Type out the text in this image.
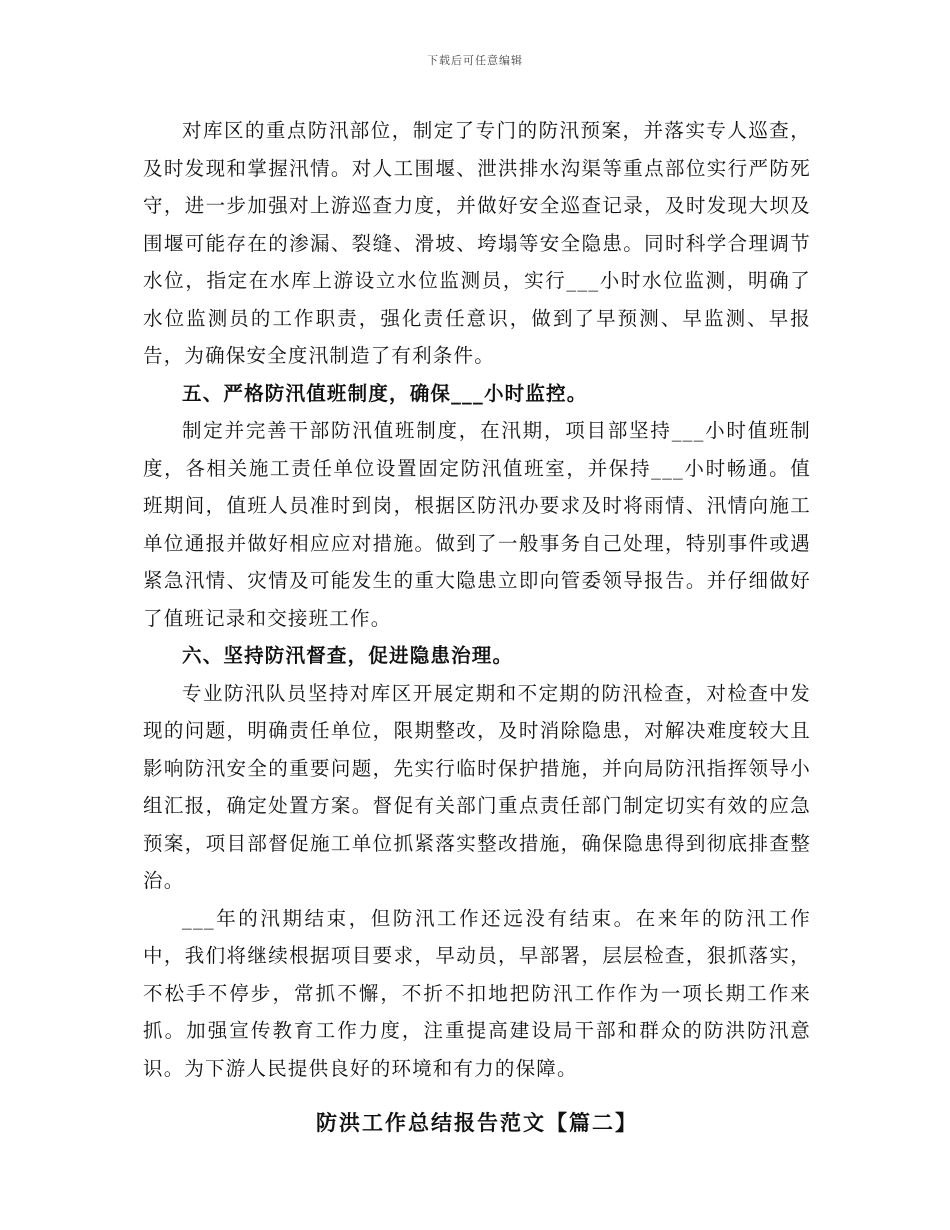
下载后可任意编辑

对库区的重点防汛部位，制定了专门的防汛预案，并落实专人巡查，及时发现和掌握汛情。对人工围堰、泄洪排水沟渠等重点部位实行严防死守，进一步加强对上游巡查力度，并做好安全巡查记录，及时发现大坝及围堰可能存在的渗漏、裂缝、滑坡、垮塌等安全隐患。同时科学合理调节水位，指定在水库上游设立水位监测员，实行___小时水位监测，明确了水位监测员的工作职责，强化责任意识，做到了早预测、早监测、早报告，为确保安全度汛制造了有利条件。

五、严格防汛值班制度，确保___小时监控。

制定并完善干部防汛值班制度，在汛期，项目部坚持___小时值班制度，各相关施工责任单位设置固定防汛值班室，并保持___小时畅通。值班期间，值班人员准时到岗，根据区防汛办要求及时将雨情、汛情向施工单位通报并做好相应应对措施。做到了一般事务自己处理，特别事件或遇紧急汛情、灾情及可能发生的重大隐患立即向管委领导报告。并仔细做好了值班记录和交接班工作。

六、坚持防汛督查，促进隐患治理。

专业防汛队员坚持对库区开展定期和不定期的防汛检查，对检查中发现的问题，明确责任单位，限期整改，及时消除隐患，对解决难度较大且影响防汛安全的重要问题，先实行临时保护措施，并向局防汛指挥领导小组汇报，确定处置方案。督促有关部门重点责任部门制定切实有效的应急预案，项目部督促施工单位抓紧落实整改措施，确保隐患得到彻底排查整治。

___年的汛期结束，但防汛工作还远没有结束。在来年的防汛工作中，我们将继续根据项目要求，早动员，早部署，层层检查，狠抓落实，不松手不停步，常抓不懈，不折不扣地把防汛工作作为一项长期工作来抓。加强宣传教育工作力度，注重提高建设局干部和群众的防洪防汛意识。为下游人民提供良好的环境和有力的保障。

防洪工作总结报告范文【篇二】
